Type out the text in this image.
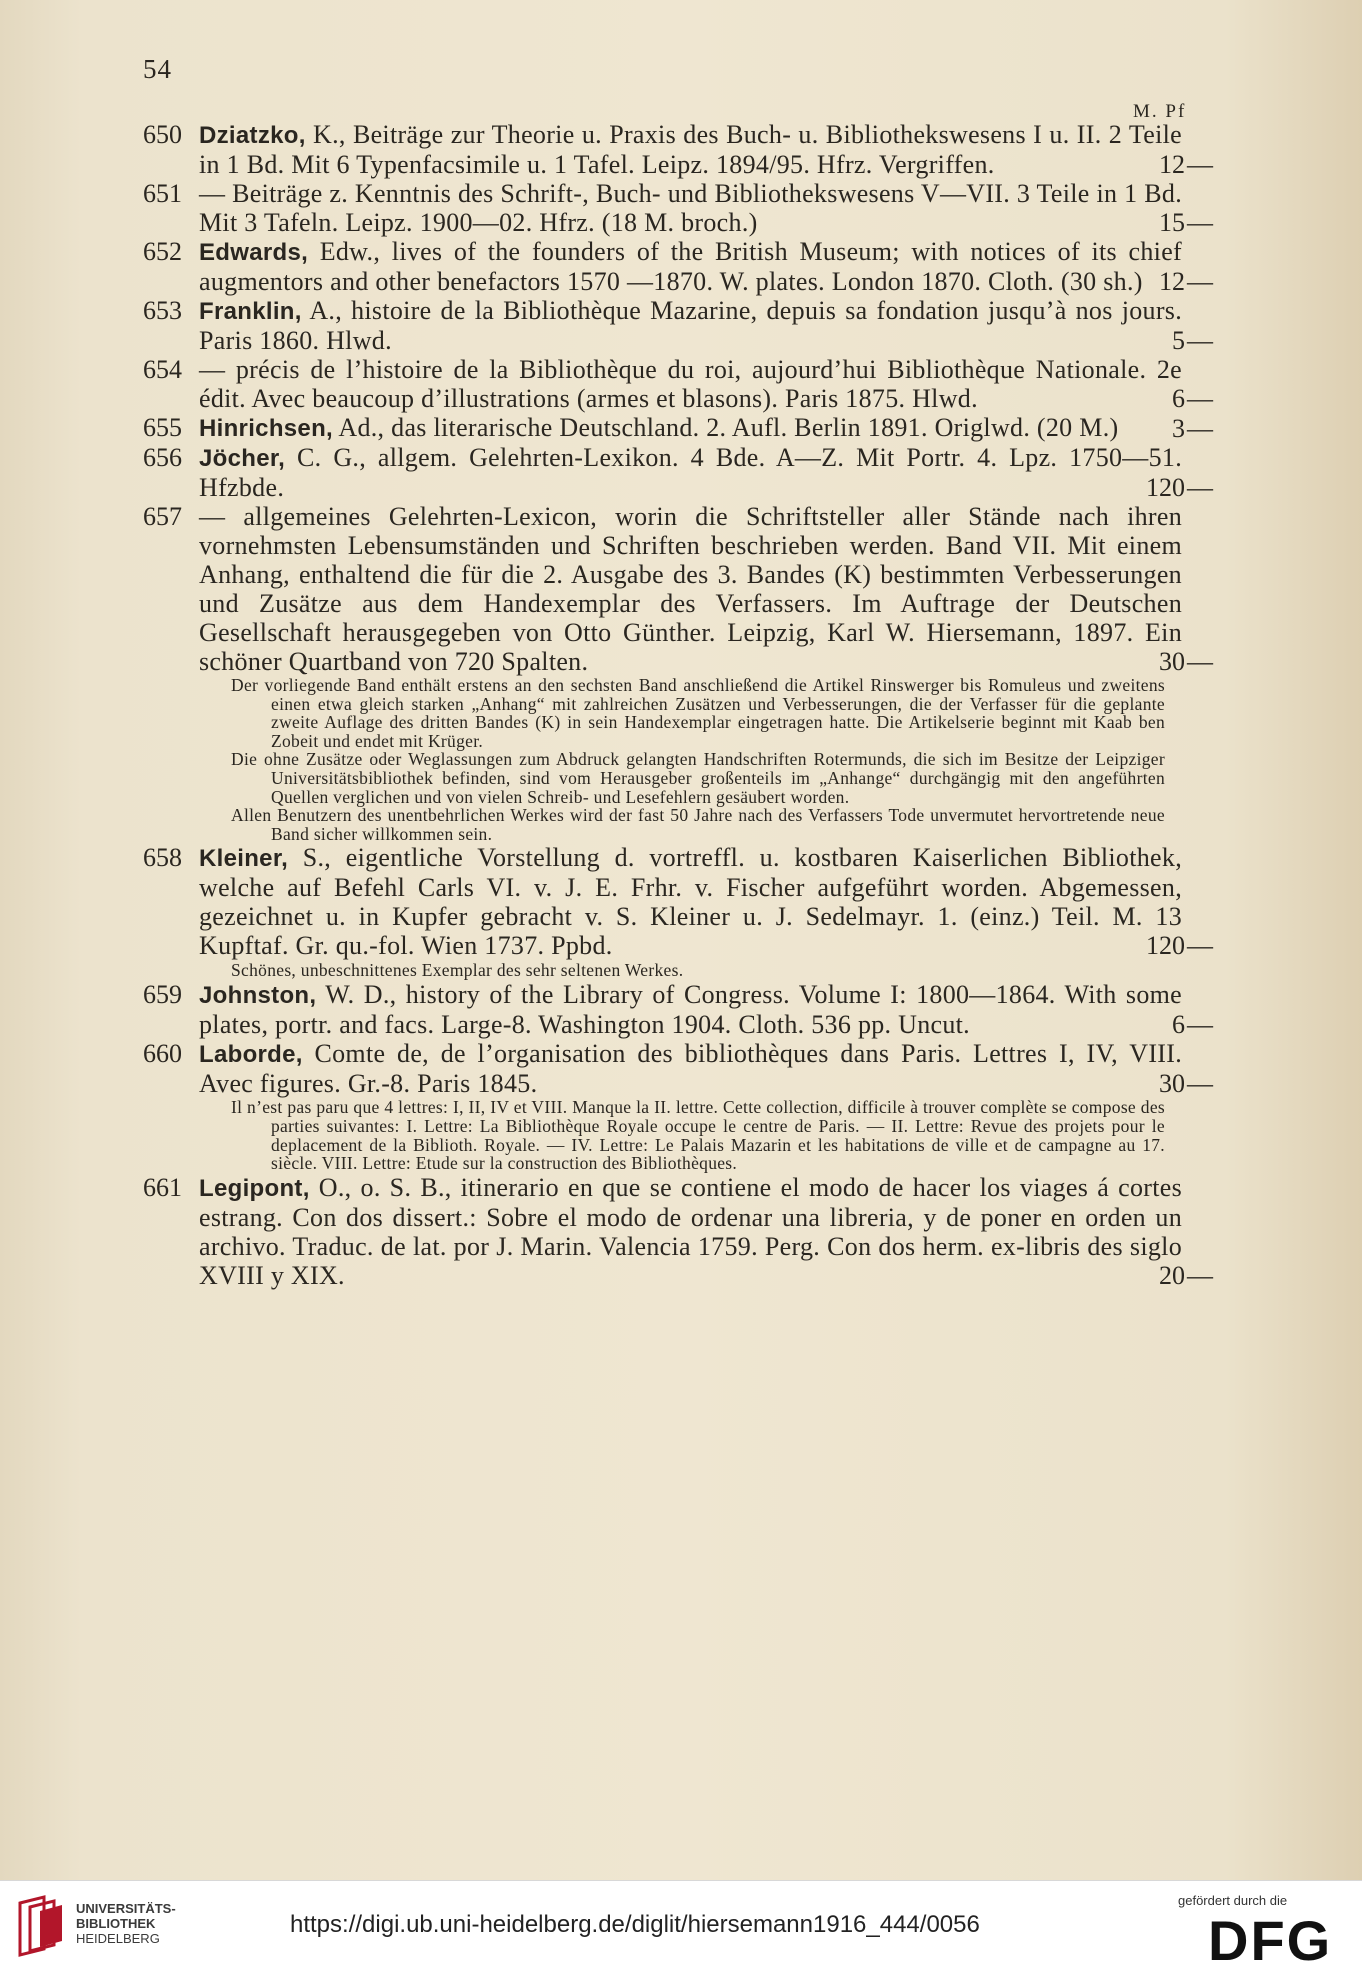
54
M. Pf
650 Dziatzko, K., Beiträge zur Theorie u. Praxis des Buch- u. Bibliothekswesens I u. II. 2 Teile in 1 Bd. Mit 6 Typenfacsimile u. 1 Tafel. Leipz. 1894/95. Hfrz. Vergriffen.	12—
651 — Beiträge z. Kenntnis des Schrift-, Buch- und Bibliothekswesens V—VII. 3 Teile in 1 Bd. Mit 3 Tafeln. Leipz. 1900—02. Hfrz. (18 M. broch.)	15—
652 Edwards, Edw., lives of the founders of the British Museum; with notices of its chief augmentors and other benefactors 1570 —1870. W. plates. London 1870. Cloth. (30 sh.) 12—
653 Franklin, A., histoire de la Bibliothèque Mazarine, depuis sa fondation jusqu’à nos jours. Paris 1860. Hlwd.	5—
654 — précis de l’histoire de la Bibliothèque du roi, aujourd’hui Bibliothèque Nationale. 2e édit. Avec beaucoup d’illustrations (armes et blasons). Paris 1875. Hlwd.	6—
655 Hinrichsen, Ad., das literarische Deutschland. 2. Aufl. Berlin 1891. Origlwd. (20 M.)	3—
656 Jöcher, C. G., allgem. Gelehrten-Lexikon. 4 Bde. A—Z. Mit Portr. 4. Lpz. 1750—51. Hfzbde.	120—
657 — allgemeines Gelehrten-Lexicon, worin die Schriftsteller aller Stände nach ihren vornehmsten Lebensumständen und Schriften beschrieben werden. Band VII. Mit einem Anhang, enthaltend die für die 2. Ausgabe des 3. Bandes (K) bestimmten Verbesserungen und Zusätze aus dem Handexemplar des Verfassers. Im Auftrage der Deutschen Gesellschaft herausgegeben von Otto Günther. Leipzig, Karl W. Hiersemann, 1897. Ein schöner Quartband von 720 Spalten.	30—
Der vorliegende Band enthält erstens an den sechsten Band anschließend die Artikel Rinswerger bis Romuleus und zweitens einen etwa gleich starken „Anhang“ mit zahlreichen Zusätzen und Verbesserungen, die der Verfasser für die geplante zweite Auflage des dritten Bandes (K) in sein Handexemplar eingetragen hatte. Die Artikelserie beginnt mit Kaab ben Zobeit und endet mit Krüger.
Die ohne Zusätze oder Weglassungen zum Abdruck gelangten Handschriften Rotermunds, die sich im Besitze der Leipziger Universitätsbibliothek befinden, sind vom Herausgeber großenteils im „Anhange“ durchgängig mit den angeführten Quellen verglichen und von vielen Schreib- und Lesefehlern gesäubert worden.
Allen Benutzern des unentbehrlichen Werkes wird der fast 50 Jahre nach des Verfassers Tode unvermutet hervortretende neue Band sicher willkommen sein.
658 Kleiner, S., eigentliche Vorstellung d. vortreffl. u. kostbaren Kaiserlichen Bibliothek, welche auf Befehl Carls VI. v. J. E. Frhr. v. Fischer aufgeführt worden. Abgemessen, gezeichnet u. in Kupfer gebracht v. S. Kleiner u. J. Sedelmayr. 1. (einz.) Teil. M. 13 Kupftaf. Gr. qu.-fol. Wien 1737. Ppbd.	120—
Schönes, unbeschnittenes Exemplar des sehr seltenen Werkes.
659 Johnston, W. D., history of the Library of Congress. Volume I: 1800—1864. With some plates, portr. and facs. Large-8. Washington 1904. Cloth. 536 pp. Uncut.	6—
660 Laborde, Comte de, de l’organisation des bibliothèques dans Paris. Lettres I, IV, VIII. Avec figures. Gr.-8. Paris 1845.	30—
Il n’est pas paru que 4 lettres: I, II, IV et VIII. Manque la II. lettre. Cette collection, difficile à trouver complète se compose des parties suivantes: I. Lettre: La Bibliothèque Royale occupe le centre de Paris. — II. Lettre: Revue des projets pour le deplacement de la Biblioth. Royale. — IV. Lettre: Le Palais Mazarin et les habitations de ville et de campagne au 17. siècle. VIII. Lettre: Etude sur la construction des Bibliothèques.
661 Legipont, O., o. S. B., itinerario en que se contiene el modo de hacer los viages á cortes estrang. Con dos dissert.: Sobre el modo de ordenar una libreria, y de poner en orden un archivo. Traduc. de lat. por J. Marin. Valencia 1759. Perg. Con dos herm. ex-libris des siglo XVIII y XIX.	20—
UNIVERSITÄTS-
BIBLIOTHEK
HEIDELBERG
https://digi.ub.uni-heidelberg.de/diglit/hiersemann1916_444/0056
gefördert durch die
DFG
